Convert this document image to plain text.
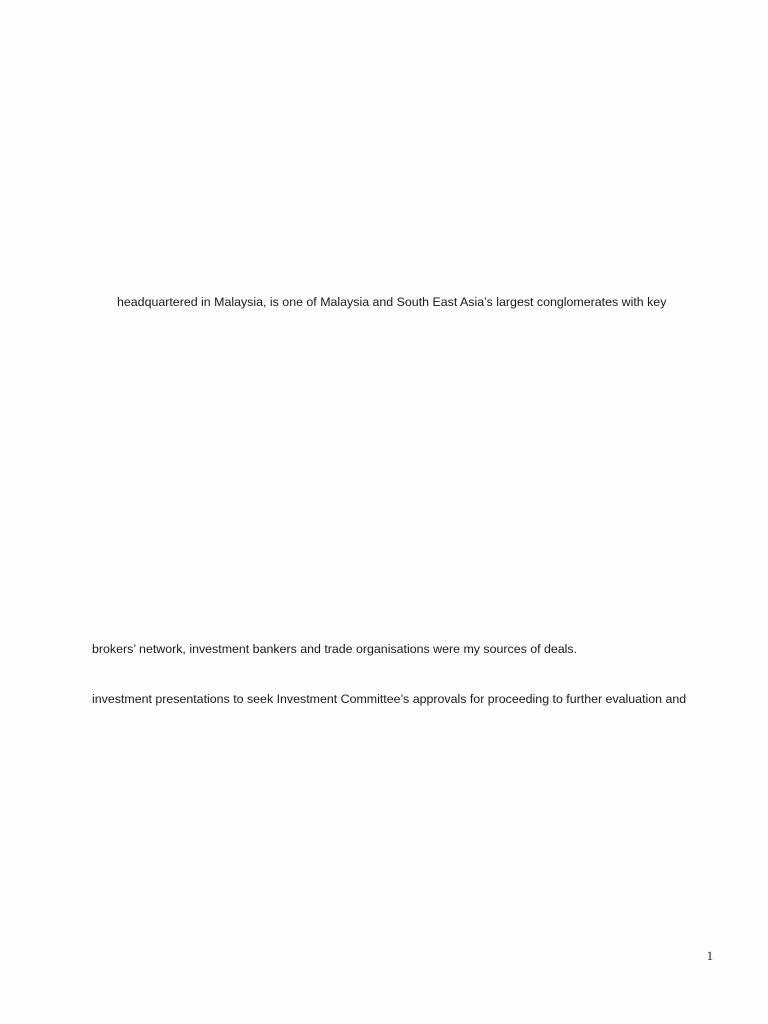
headquartered in Malaysia, is one of Malaysia and South East Asia’s largest conglomerates with key
brokers’ network, investment bankers and trade organisations were my sources of deals.
investment presentations to seek Investment Committee’s approvals for proceeding to further evaluation and
1
